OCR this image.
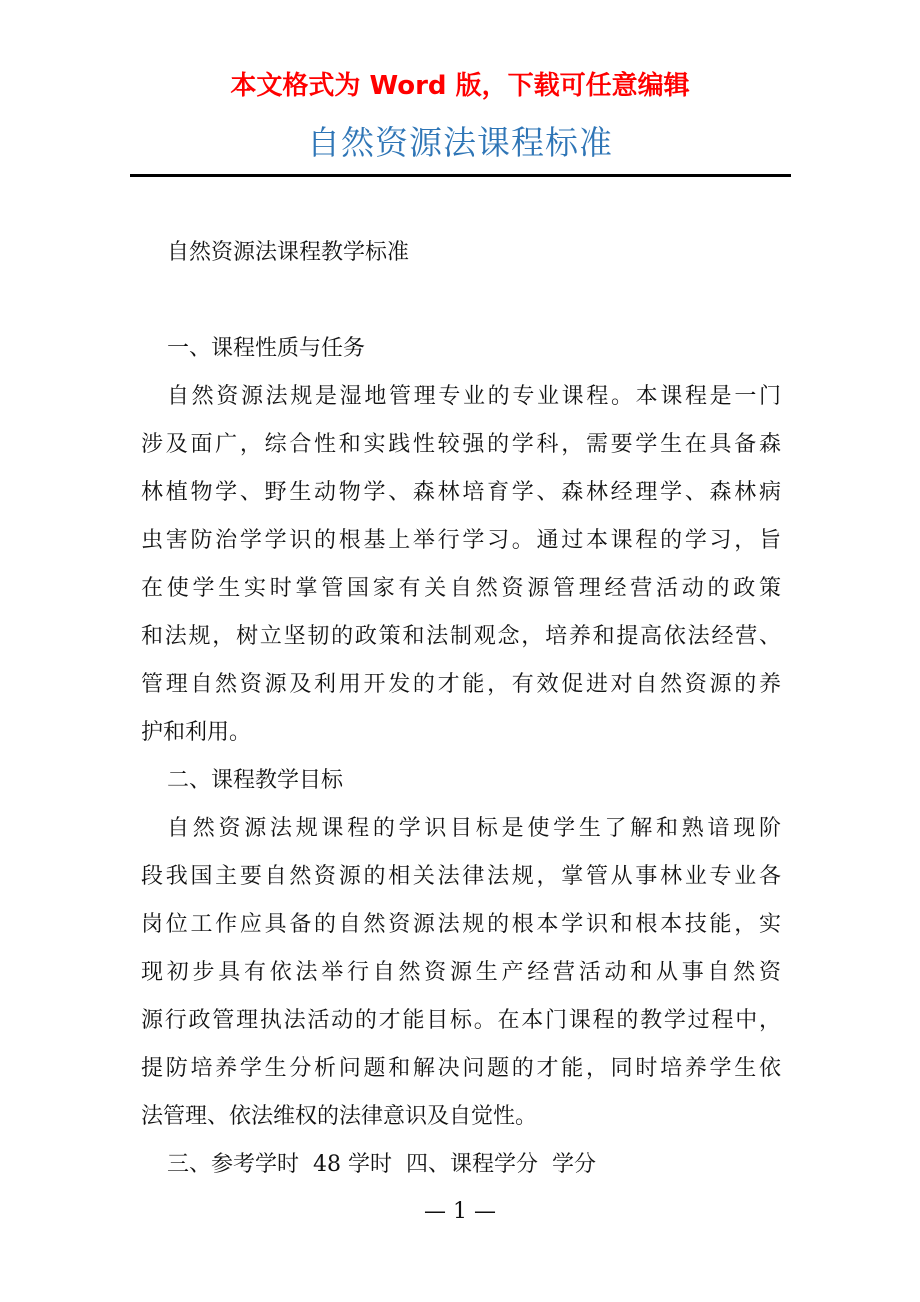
本文格式为 Word 版，下载可任意编辑
自然资源法课程标准
自然资源法课程教学标准
一、课程性质与任务
自然资源法规是湿地管理专业的专业课程。本课程是一门
涉及面广，综合性和实践性较强的学科，需要学生在具备森
林植物学、野生动物学、森林培育学、森林经理学、森林病
虫害防治学学识的根基上举行学习。通过本课程的学习，旨
在使学生实时掌管国家有关自然资源管理经营活动的政策
和法规，树立坚韧的政策和法制观念，培养和提高依法经营、
管理自然资源及利用开发的才能，有效促进对自然资源的养
护和利用。
二、课程教学目标
自然资源法规课程的学识目标是使学生了解和熟谙现阶
段我国主要自然资源的相关法律法规，掌管从事林业专业各
岗位工作应具备的自然资源法规的根本学识和根本技能，实
现初步具有依法举行自然资源生产经营活动和从事自然资
源行政管理执法活动的才能目标。在本门课程的教学过程中，
提防培养学生分析问题和解决问题的才能，同时培养学生依
法管理、依法维权的法律意识及自觉性。
三、参考学时  48 学时  四、课程学分  学分
— 1 —
